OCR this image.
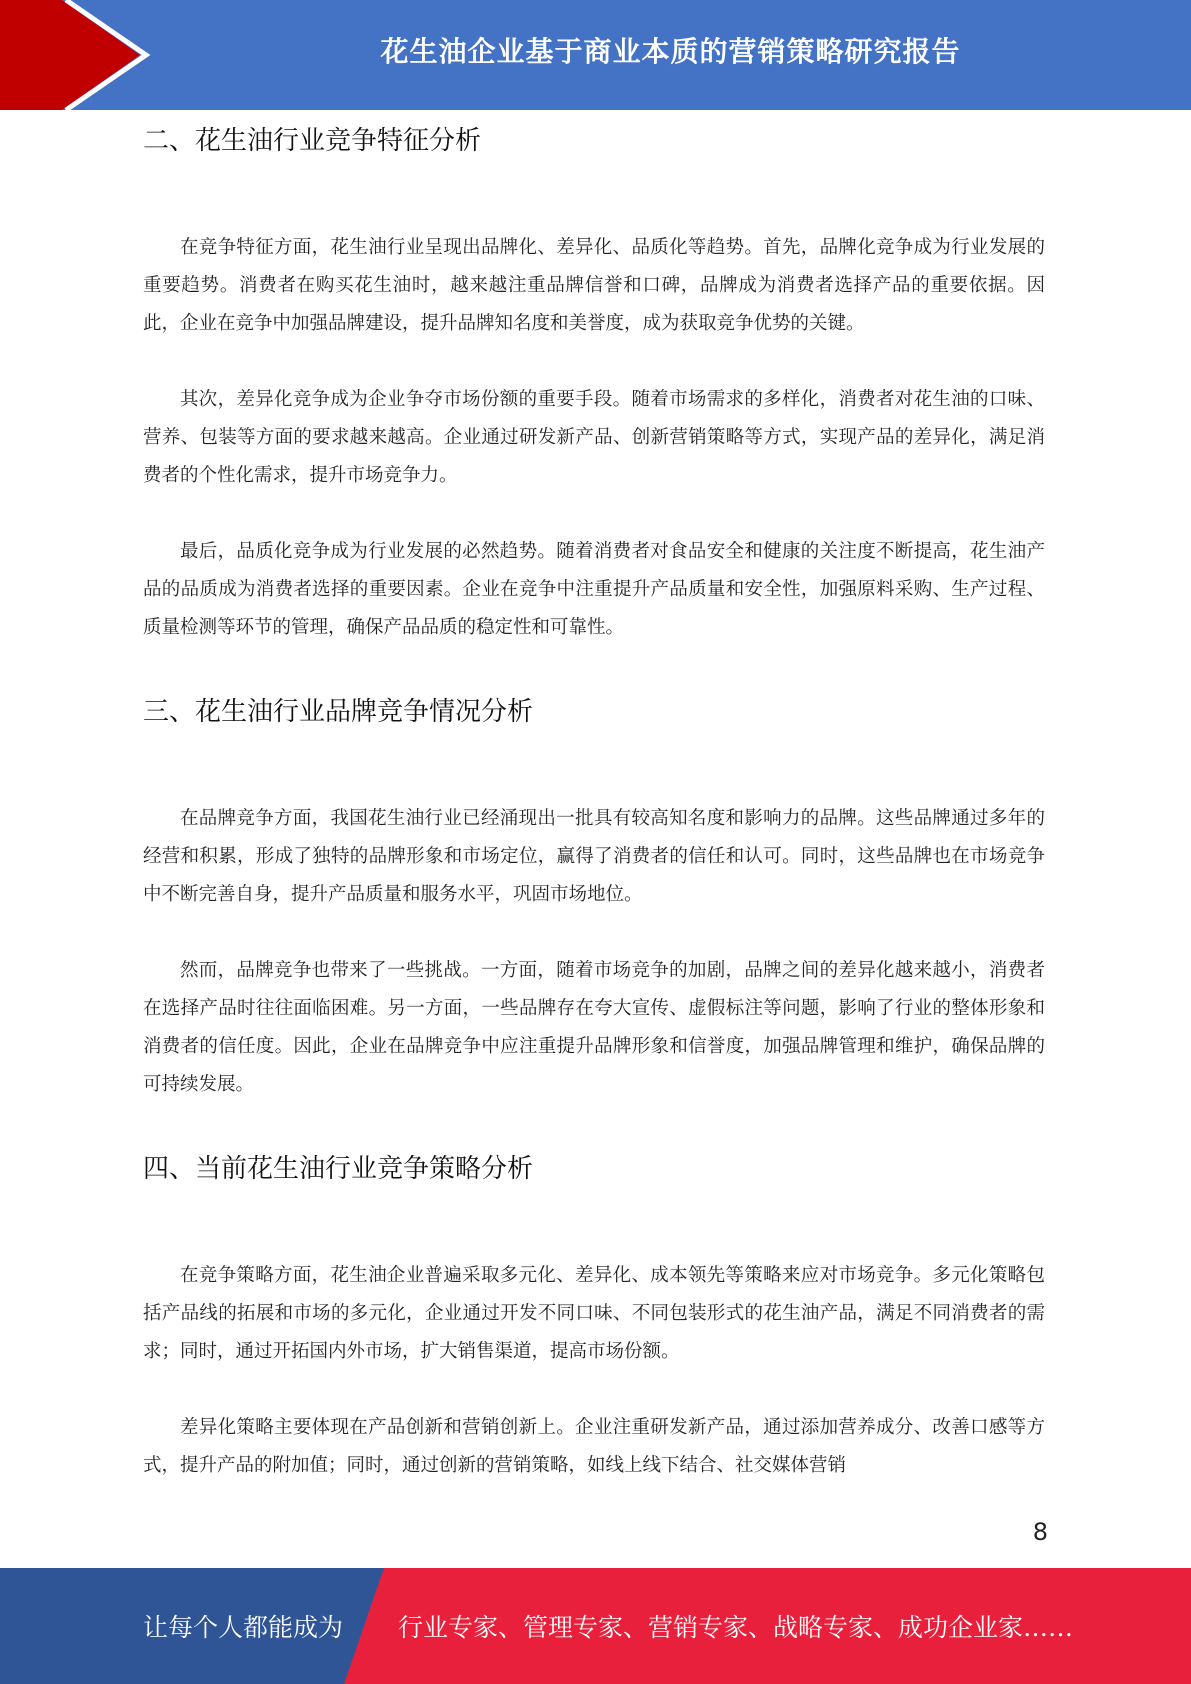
花生油企业基于商业本质的营销策略研究报告
二、花生油行业竞争特征分析

在竞争特征方面，花生油行业呈现出品牌化、差异化、品质化等趋势。首先，品牌化竞争成为行业发展的重要趋势。消费者在购买花生油时，越来越注重品牌信誉和口碑，品牌成为消费者选择产品的重要依据。因此，企业在竞争中加强品牌建设，提升品牌知名度和美誉度，成为获取竞争优势的关键。

其次，差异化竞争成为企业争夺市场份额的重要手段。随着市场需求的多样化，消费者对花生油的口味、营养、包装等方面的要求越来越高。企业通过研发新产品、创新营销策略等方式，实现产品的差异化，满足消费者的个性化需求，提升市场竞争力。

最后，品质化竞争成为行业发展的必然趋势。随着消费者对食品安全和健康的关注度不断提高，花生油产品的品质成为消费者选择的重要因素。企业在竞争中注重提升产品质量和安全性，加强原料采购、生产过程、质量检测等环节的管理，确保产品品质的稳定性和可靠性。

三、花生油行业品牌竞争情况分析

在品牌竞争方面，我国花生油行业已经涌现出一批具有较高知名度和影响力的品牌。这些品牌通过多年的经营和积累，形成了独特的品牌形象和市场定位，赢得了消费者的信任和认可。同时，这些品牌也在市场竞争中不断完善自身，提升产品质量和服务水平，巩固市场地位。

然而，品牌竞争也带来了一些挑战。一方面，随着市场竞争的加剧，品牌之间的差异化越来越小，消费者在选择产品时往往面临困难。另一方面，一些品牌存在夸大宣传、虚假标注等问题，影响了行业的整体形象和消费者的信任度。因此，企业在品牌竞争中应注重提升品牌形象和信誉度，加强品牌管理和维护，确保品牌的可持续发展。

四、当前花生油行业竞争策略分析

在竞争策略方面，花生油企业普遍采取多元化、差异化、成本领先等策略来应对市场竞争。多元化策略包括产品线的拓展和市场的多元化，企业通过开发不同口味、不同包装形式的花生油产品，满足不同消费者的需求；同时，通过开拓国内外市场，扩大销售渠道，提高市场份额。

差异化策略主要体现在产品创新和营销创新上。企业注重研发新产品，通过添加营养成分、改善口感等方式，提升产品的附加值；同时，通过创新的营销策略，如线上线下结合、社交媒体营销

8
让每个人都能成为 行业专家、管理专家、营销专家、战略专家、成功企业家……
